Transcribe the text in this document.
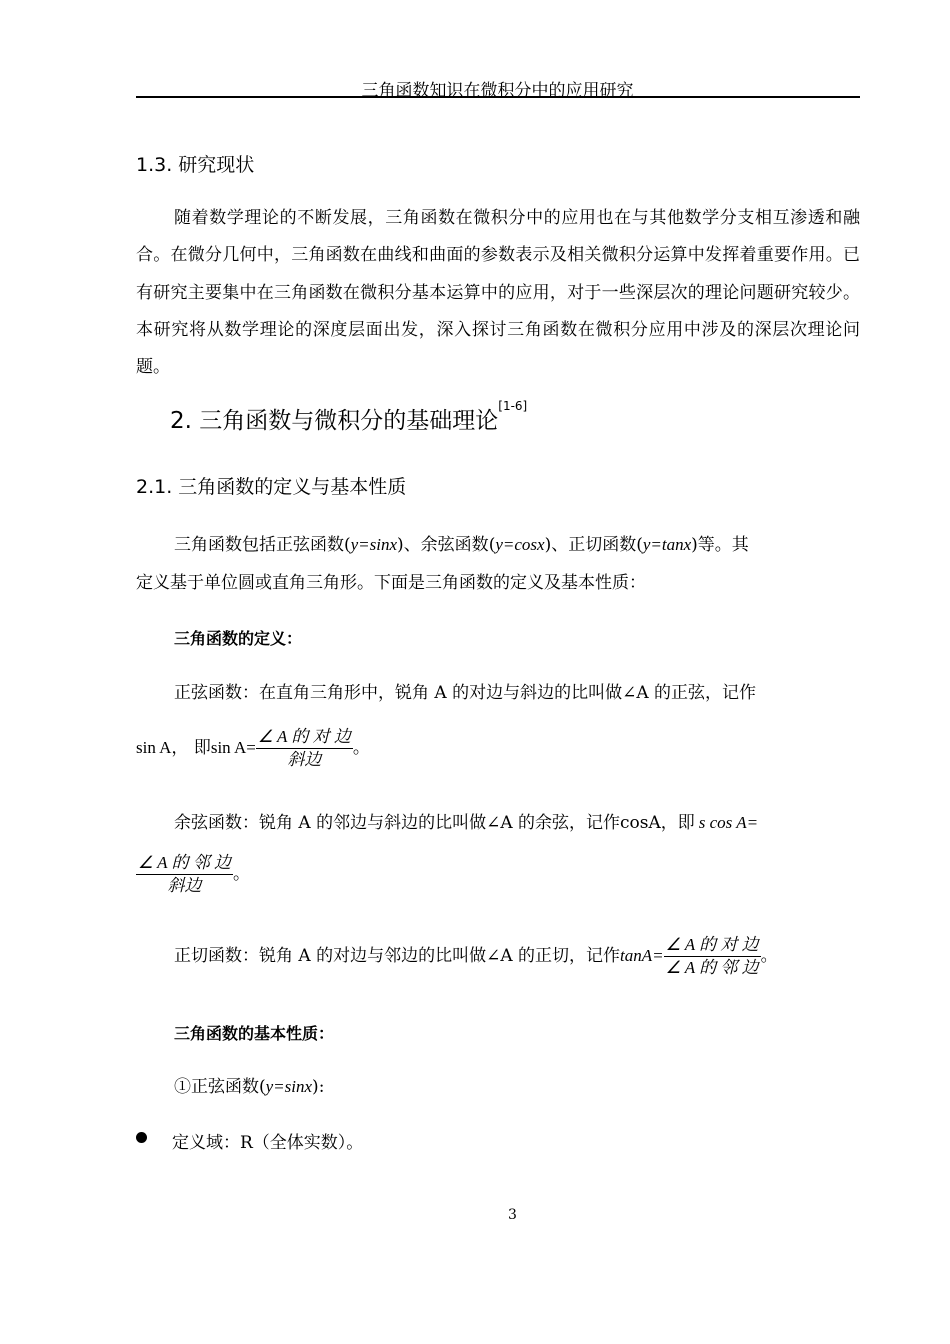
三角函数知识在微积分中的应用研究
1.3. 研究现状
随着数学理论的不断发展，三角函数在微积分中的应用也在与其他数学分支相互渗透和融合。在微分几何中，三角函数在曲线和曲面的参数表示及相关微积分运算中发挥着重要作用。已有研究主要集中在三角函数在微积分基本运算中的应用，对于一些深层次的理论问题研究较少。本研究将从数学理论的深度层面出发，深入探讨三角函数在微积分应用中涉及的深层次理论问题。
2. 三角函数与微积分的基础理论[1-6]
2.1. 三角函数的定义与基本性质
三角函数包括正弦函数(y=sinx)、余弦函数(y=cosx)、正切函数(y=tanx)等。其
定义基于单位圆或直角三角形。下面是三角函数的定义及基本性质：
三角函数的定义：
正弦函数：在直角三角形中，锐角 A 的对边与斜边的比叫做∠A 的正弦，记作
sin A， 即$\sin A= \frac{\text{∠ A 的 对 边}}{\text{斜边}}$ 。
余弦函数：锐角 A 的邻边与斜边的比叫做∠A 的余弦，记作cosA，即 s cos A=
$\frac{\text{∠ A 的 邻 边}}{\text{斜边}}$ 。
正切函数：锐角 A 的对边与邻边的比叫做∠A 的正切，记作$\tan A= \frac{\text{∠ A 的 对 边}}{\text{∠ A 的 邻 边}}$ 。
三角函数的基本性质：
①正弦函数(y=sinx):
定义域：R（全体实数）。
3
